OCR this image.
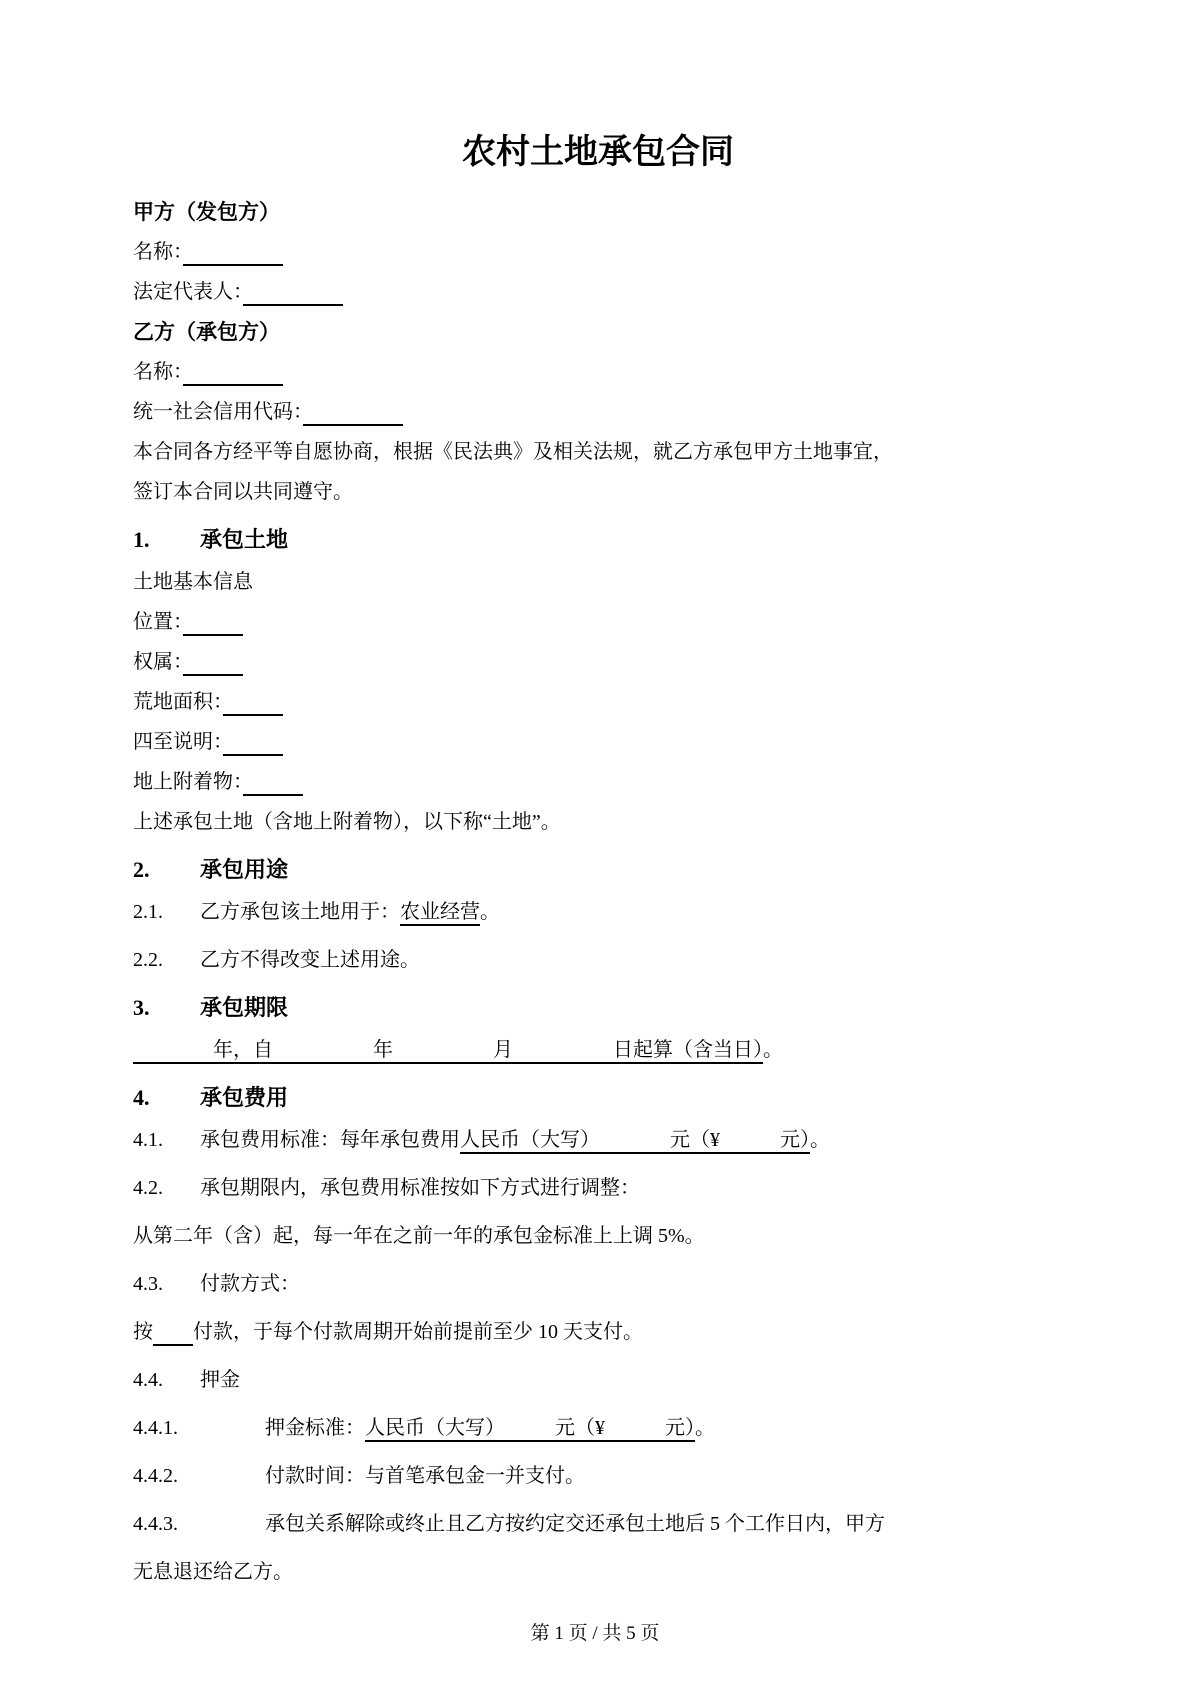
农村土地承包合同

甲方（发包方）

名称：　　　　　

法定代表人：　　　　　

乙方（承包方）

名称：　　　　　

统一社会信用代码：　　　　　

本合同各方经平等自愿协商，根据《民法典》及相关法规，就乙方承包甲方土地事宜，

签订本合同以共同遵守。

1. 承包土地

土地基本信息

位置：　　　

权属：　　　

荒地面积：　　　

四至说明：　　　

地上附着物：　　　

上述承包土地（含地上附着物），以下称“土地”。

2. 承包用途

2.1. 乙方承包该土地用于：农业经营。

2.2. 乙方不得改变上述用途。

3. 承包期限

　　　　年，自　　　　　年　　　　　月　　　　　日起算（含当日）。

4. 承包费用

4.1. 承包费用标准：每年承包费用人民币（大写）　　　　元（¥　　　元）。

4.2. 承包期限内，承包费用标准按如下方式进行调整：

从第二年（含）起，每一年在之前一年的承包金标准上上调 5%。

4.3. 付款方式：

按　　 付款，于每个付款周期开始前提前至少 10 天支付。

4.4. 押金

4.4.1.	押金标准：人民币（大写）　　　元（¥　　　元）。

4.4.2.	付款时间：与首笔承包金一并支付。

4.4.3.	承包关系解除或终止且乙方按约定交还承包土地后 5 个工作日内，甲方

无息退还给乙方。

第 1 页 / 共 5 页
